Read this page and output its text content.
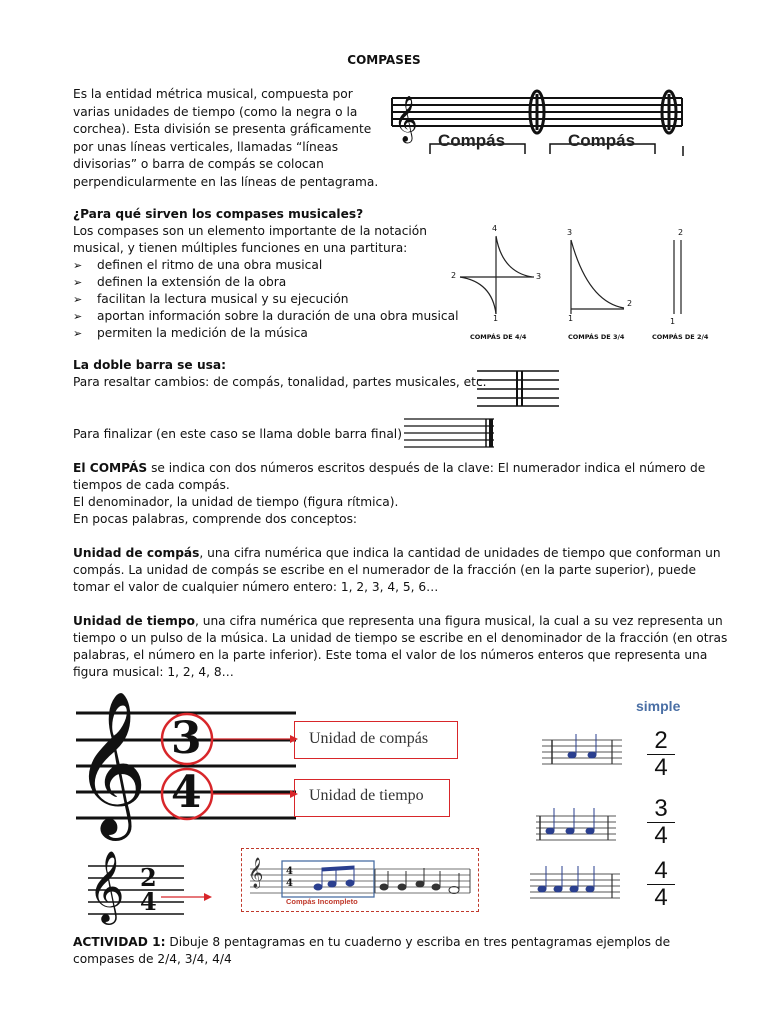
COMPASES
Es la entidad métrica musical, compuesta por
varias unidades de tiempo (como la negra o la
corchea). Esta división se presenta gráficamente
por unas líneas verticales, llamadas “líneas
divisorias” o barra de compás se colocan
perpendicularmente en las líneas de pentagrama.
𝄞 Compás	Compás
¿Para qué sirven los compases musicales?
Los compases son un elemento importante de la notación
musical, y tienen múltiples funciones en una partitura:
➢ definen el ritmo de una obra musical
➢ definen la extensión de la obra
➢ facilitan la lectura musical y su ejecución
➢ aportan información sobre la duración de una obra musical
➢ permiten la medición de la música
4
2	3
1
COMPÁS DE 4/4
3
2
1
COMPÁS DE 3/4
2
1
COMPÁS DE 2/4
La doble barra se usa:
Para resaltar cambios: de compás, tonalidad, partes musicales, etc.
Para finalizar (en este caso se llama doble barra final)
El COMPÁS se indica con dos números escritos después de la clave: El numerador indica el número de
tiempos de cada compás.
El denominador, la unidad de tiempo (figura rítmica).
En pocas palabras, comprende dos conceptos:
Unidad de compás, una cifra numérica que indica la cantidad de unidades de tiempo que conforman un
compás. La unidad de compás se escribe en el numerador de la fracción (en la parte superior), puede
tomar el valor de cualquier número entero: 1, 2, 3, 4, 5, 6…
Unidad de tiempo, una cifra numérica que representa una figura musical, la cual a su vez representa un
tiempo o un pulso de la música. La unidad de tiempo se escribe en el denominador de la fracción (en otras
palabras, el número en la parte inferior). Este toma el valor de los números enteros que representa una
figura musical: 1, 2, 4, 8…
𝄞 3
4
Unidad de compás
Unidad de tiempo
𝄞 2
4
𝄞 4
4
Compás Incompleto
simple
2
4
3
4
4
4
ACTIVIDAD 1: Dibuje 8 pentagramas en tu cuaderno y escriba en tres pentagramas ejemplos de
compases de 2/4, 3/4, 4/4
